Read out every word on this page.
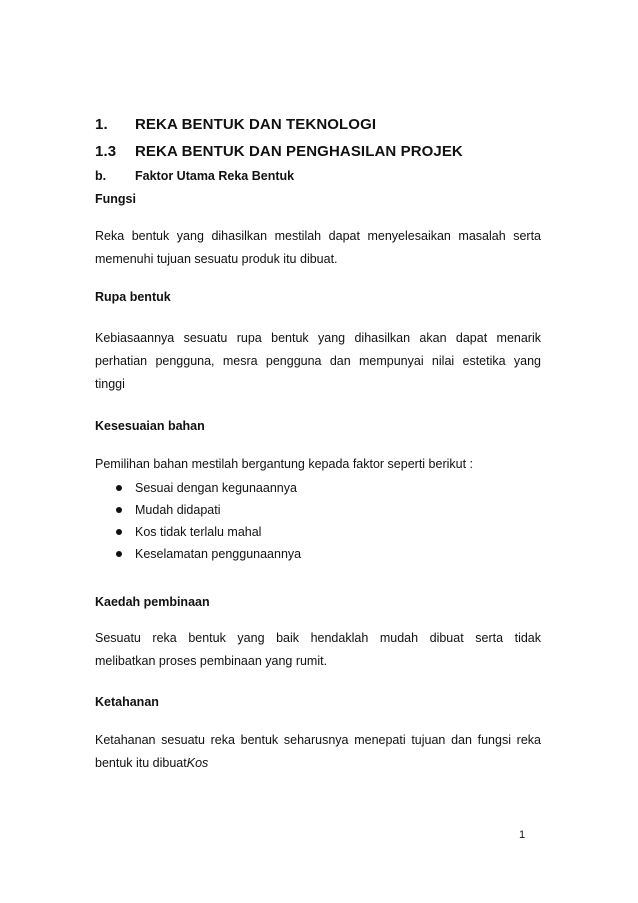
1. REKA BENTUK DAN TEKNOLOGI
1.3 REKA BENTUK DAN PENGHASILAN PROJEK
b. Faktor Utama Reka Bentuk
Fungsi
Reka bentuk yang dihasilkan mestilah dapat menyelesaikan masalah serta
memenuhi tujuan sesuatu produk itu dibuat.
Rupa bentuk
Kebiasaannya sesuatu rupa bentuk yang dihasilkan akan dapat menarik
perhatian pengguna, mesra pengguna dan mempunyai nilai estetika yang
tinggi
Kesesuaian bahan
Pemilihan bahan mestilah bergantung kepada faktor seperti berikut :
Sesuai dengan kegunaannya
Mudah didapati
Kos tidak terlalu mahal
Keselamatan penggunaannya
Kaedah pembinaan
Sesuatu reka bentuk yang baik hendaklah mudah dibuat serta tidak
melibatkan proses pembinaan yang rumit.
Ketahanan
Ketahanan sesuatu reka bentuk seharusnya menepati tujuan dan fungsi reka
bentuk itu dibuatKos
1
